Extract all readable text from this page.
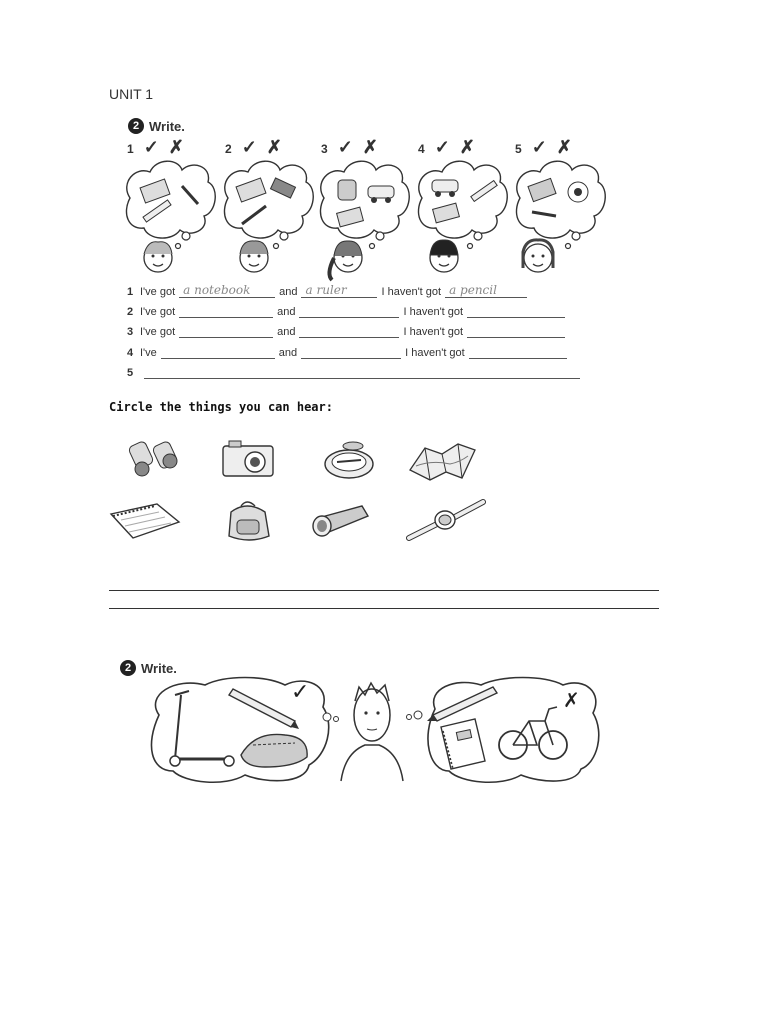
UNIT 1
2 Write.
1 ✓ ✗	2 ✓ ✗	3 ✓ ✗	4 ✓ ✗	5 ✓ ✗
1 I've got a notebook	and a ruler	I haven't got a pencil
2 I've got	and	I haven't got
3 I've got	and	I haven't got
4 I've	and	I haven't got
5
Circle the things you can hear:
2 Write.
✓	✗
